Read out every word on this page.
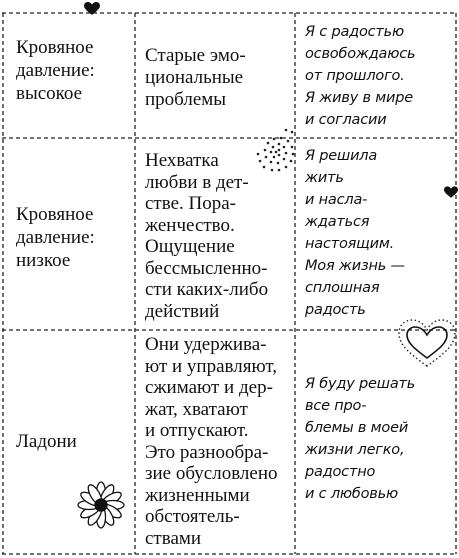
Кровяное
давление:
высокое
Старые эмо-
циональные
проблемы
Я с радостью
освобождаюсь
от прошлого.
Я живу в мире
и согласии
Кровяное
давление:
низкое
Нехватка
любви в дет-
стве. Пора-
женчество.
Ощущение
бессмысленно-
сти каких-либо
действий
Я решила
жить
и наслa-
ждаться
настоящим.
Моя жизнь —
сплошная
радость
Ладони
Они удержива-
ют и управляют,
сжимают и дер-
жат, хватают
и отпускают.
Это разнообра-
зие обусловлено
жизненными
обстоятель-
ствами
Я буду решать
все про-
блемы в моей
жизни легко,
радостно
и с любовью
